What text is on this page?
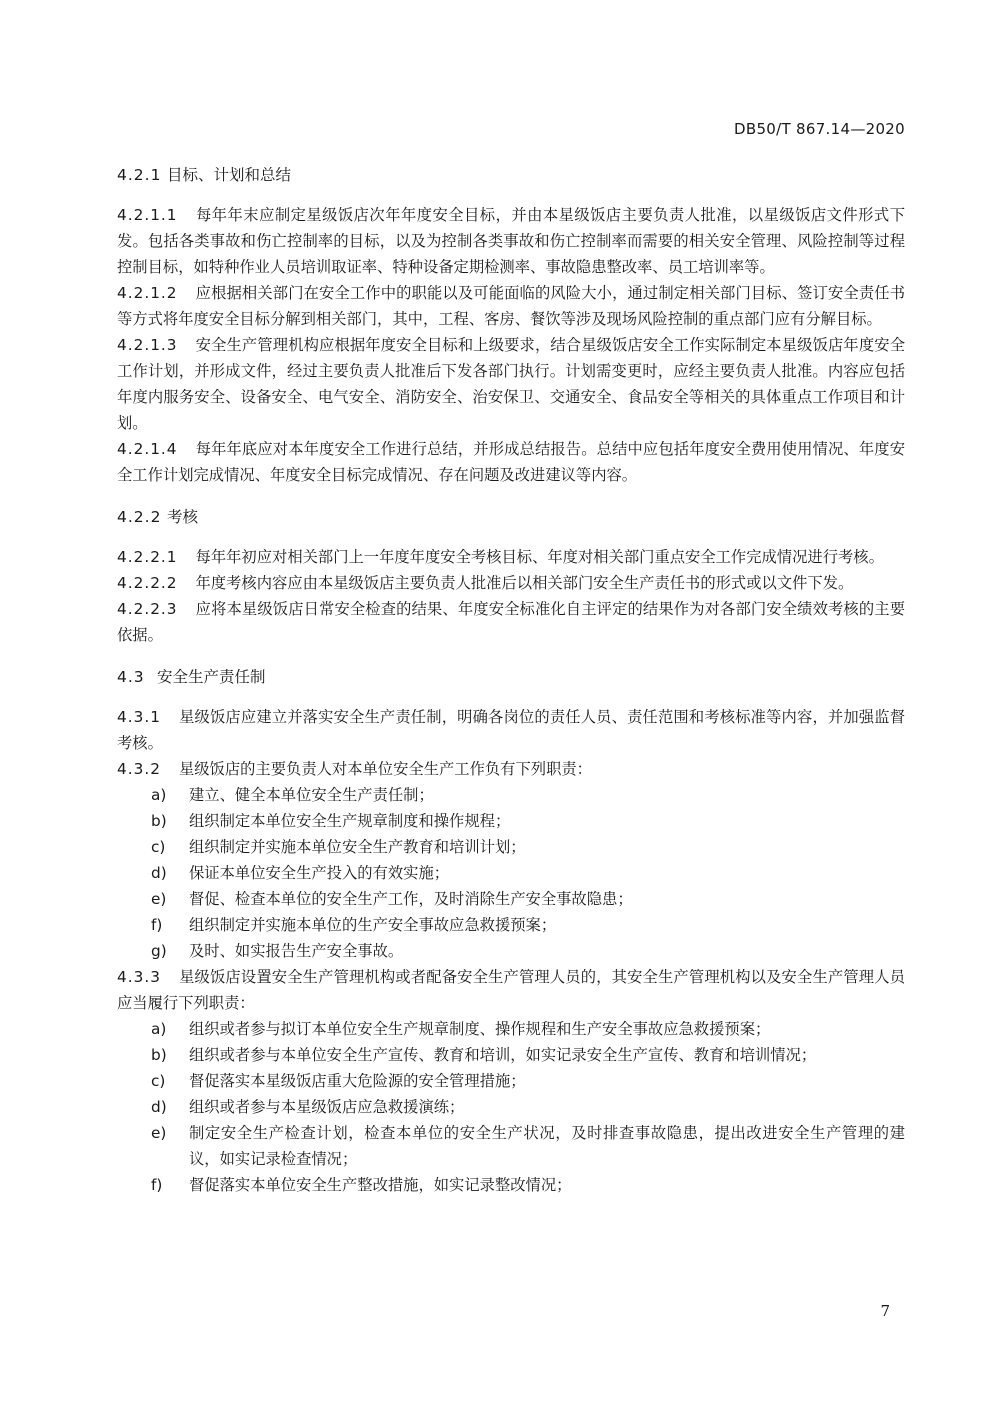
DB50/T 867.14—2020
4.2.1 目标、计划和总结

4.2.1.1 每年年末应制定星级饭店次年年度安全目标，并由本星级饭店主要负责人批准，以星级饭店文件形式下发。包括各类事故和伤亡控制率的目标，以及为控制各类事故和伤亡控制率而需要的相关安全管理、风险控制等过程控制目标，如特种作业人员培训取证率、特种设备定期检测率、事故隐患整改率、员工培训率等。

4.2.1.2 应根据相关部门在安全工作中的职能以及可能面临的风险大小，通过制定相关部门目标、签订安全责任书等方式将年度安全目标分解到相关部门，其中，工程、客房、餐饮等涉及现场风险控制的重点部门应有分解目标。

4.2.1.3 安全生产管理机构应根据年度安全目标和上级要求，结合星级饭店安全工作实际制定本星级饭店年度安全工作计划，并形成文件，经过主要负责人批准后下发各部门执行。计划需变更时，应经主要负责人批准。内容应包括年度内服务安全、设备安全、电气安全、消防安全、治安保卫、交通安全、食品安全等相关的具体重点工作项目和计划。

4.2.1.4 每年年底应对本年度安全工作进行总结，并形成总结报告。总结中应包括年度安全费用使用情况、年度安全工作计划完成情况、年度安全目标完成情况、存在问题及改进建议等内容。

4.2.2 考核

4.2.2.1 每年年初应对相关部门上一年度年度安全考核目标、年度对相关部门重点安全工作完成情况进行考核。

4.2.2.2 年度考核内容应由本星级饭店主要负责人批准后以相关部门安全生产责任书的形式或以文件下发。

4.2.2.3 应将本星级饭店日常安全检查的结果、年度安全标准化自主评定的结果作为对各部门安全绩效考核的主要依据。

4.3 安全生产责任制

4.3.1 星级饭店应建立并落实安全生产责任制，明确各岗位的责任人员、责任范围和考核标准等内容，并加强监督考核。

4.3.2 星级饭店的主要负责人对本单位安全生产工作负有下列职责：

a) 建立、健全本单位安全生产责任制；
b) 组织制定本单位安全生产规章制度和操作规程；
c) 组织制定并实施本单位安全生产教育和培训计划；
d) 保证本单位安全生产投入的有效实施；
e) 督促、检查本单位的安全生产工作，及时消除生产安全事故隐患；
f) 组织制定并实施本单位的生产安全事故应急救援预案；
g) 及时、如实报告生产安全事故。

4.3.3 星级饭店设置安全生产管理机构或者配备安全生产管理人员的，其安全生产管理机构以及安全生产管理人员应当履行下列职责：

a) 组织或者参与拟订本单位安全生产规章制度、操作规程和生产安全事故应急救援预案；
b) 组织或者参与本单位安全生产宣传、教育和培训，如实记录安全生产宣传、教育和培训情况；
c) 督促落实本星级饭店重大危险源的安全管理措施；
d) 组织或者参与本星级饭店应急救援演练；
e) 制定安全生产检查计划，检查本单位的安全生产状况，及时排查事故隐患，提出改进安全生产管理的建议，如实记录检查情况；
f) 督促落实本单位安全生产整改措施，如实记录整改情况；
7
